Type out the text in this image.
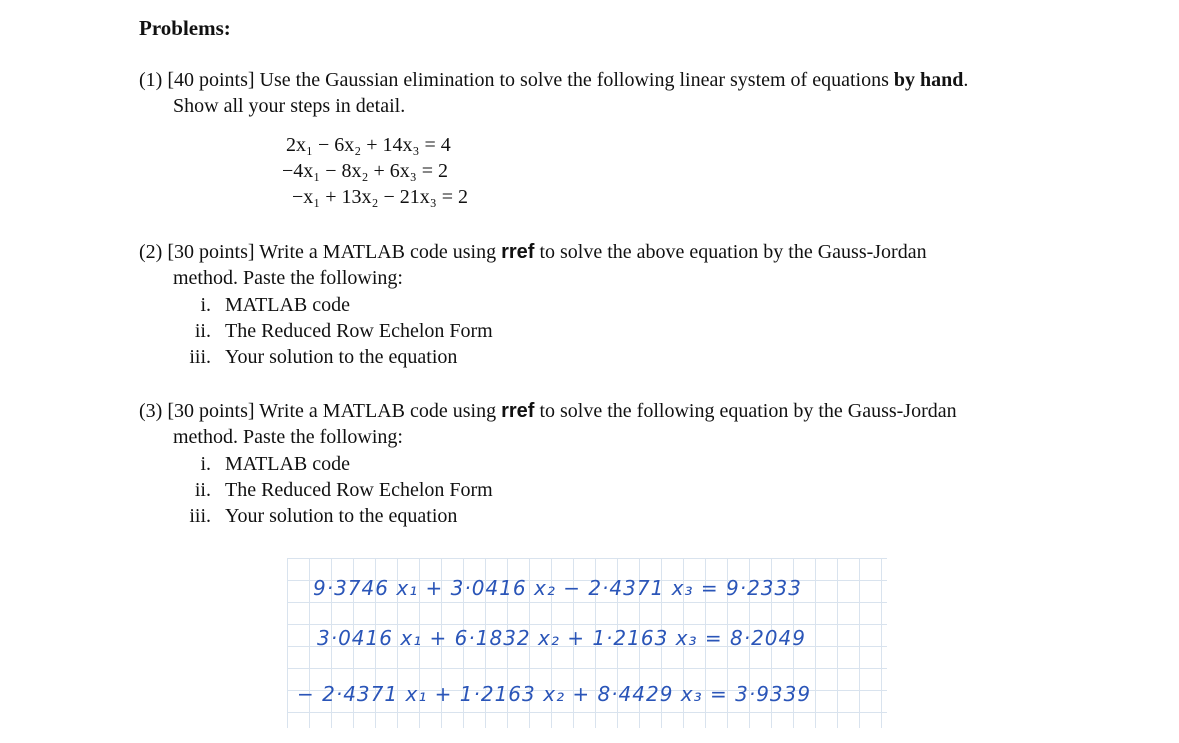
Problems:
(1) [40 points] Use the Gaussian elimination to solve the following linear system of equations by hand.
Show all your steps in detail.
2x₁ − 6x₂ + 14x₃ = 4
−4x₁ − 8x₂ + 6x₃ = 2
−x₁ + 13x₂ − 21x₃ = 2
(2) [30 points] Write a MATLAB code using rref to solve the above equation by the Gauss-Jordan
method. Paste the following:
i. MATLAB code
ii. The Reduced Row Echelon Form
iii. Your solution to the equation
(3) [30 points] Write a MATLAB code using rref to solve the following equation by the Gauss-Jordan
method. Paste the following:
i. MATLAB code
ii. The Reduced Row Echelon Form
iii. Your solution to the equation
9·3746 x₁ + 3·0416 x₂ − 2·4371 x₃ = 9·2333
3·0416 x₁ + 6·1832 x₂ + 1·2163 x₃ = 8·2049
− 2·4371 x₁ + 1·2163 x₂ + 8·4429 x₃ = 3·9339
